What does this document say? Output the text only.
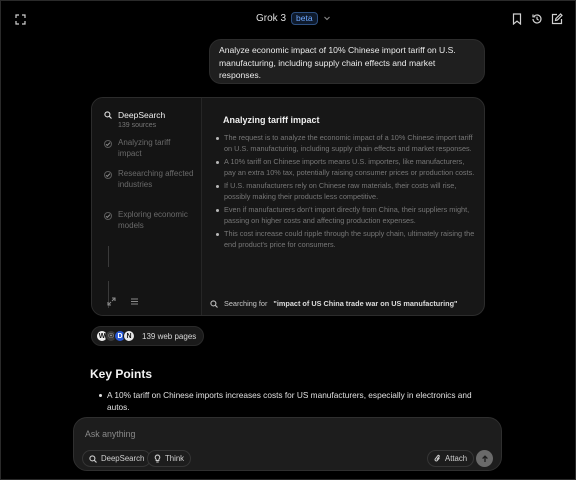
Grok 3	beta
Analyze economic impact of 10% Chinese import tariff on U.S. manufacturing, including supply chain effects and market responses.
DeepSearch
139 sources
Analyzing tariff impact
Researching affected industries
Exploring economic models
Analyzing tariff impact
The request is to analyze the economic impact of a 10% Chinese import tariff on U.S. manufacturing, including supply chain effects and market responses.
A 10% tariff on Chinese imports means U.S. importers, like manufacturers, pay an extra 10% tax, potentially raising consumer prices or production costs.
If U.S. manufacturers rely on Chinese raw materials, their costs will rise, possibly making their products less competitive.
Even if manufacturers don't import directly from China, their suppliers might, passing on higher costs and affecting production expenses.
This cost increase could ripple through the supply chain, ultimately raising the end product's price for consumers.
Searching for "impact of US China trade war on US manufacturing"
W ☉ D N	139 web pages
Key Points
A 10% tariff on Chinese imports increases costs for US manufacturers, especially in electronics and autos.
Ask anything
DeepSearch	Think	Attach
